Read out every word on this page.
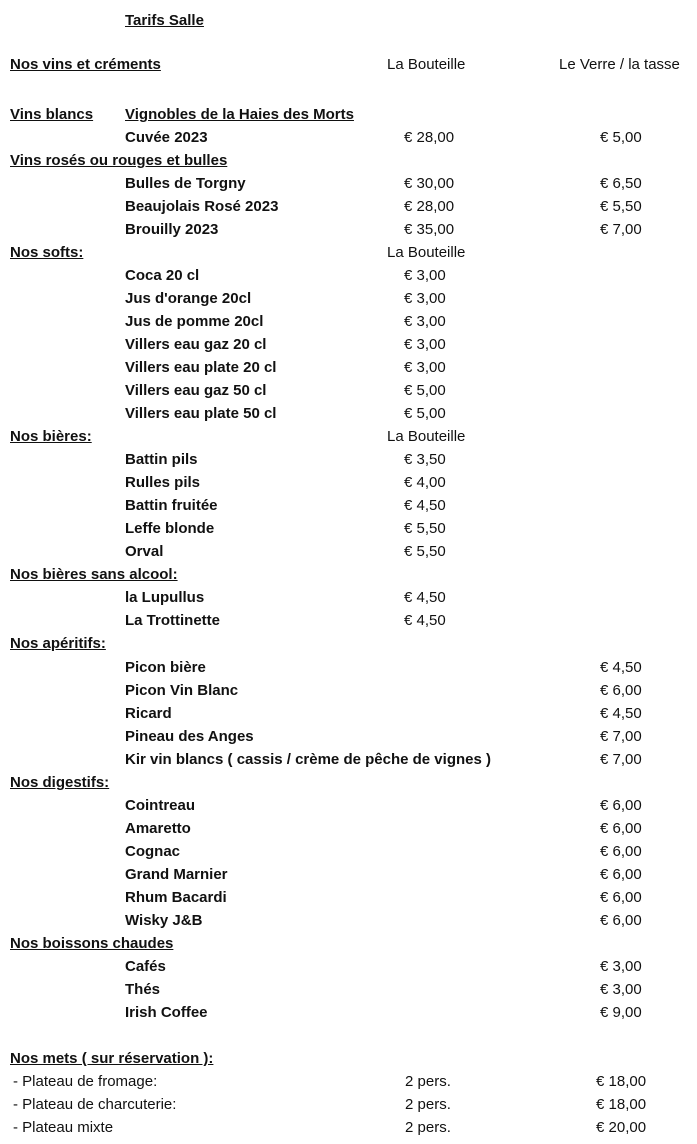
Tarifs Salle
Nos vins et créments	La Bouteille	Le Verre / la tasse
Vins blancs Vignobles de la Haies des Morts
Cuvée 2023	€ 28,00	€ 5,00
Vins rosés ou rouges et bulles
Bulles de Torgny	€ 30,00	€ 6,50
Beaujolais Rosé 2023	€ 28,00	€ 5,50
Brouilly 2023	€ 35,00	€ 7,00
Nos softs:	La Bouteille
Coca 20 cl	€ 3,00
Jus d'orange 20cl	€ 3,00
Jus de pomme 20cl	€ 3,00
Villers eau gaz 20 cl	€ 3,00
Villers eau plate 20 cl	€ 3,00
Villers eau gaz 50 cl	€ 5,00
Villers eau plate 50 cl	€ 5,00
Nos bières:	La Bouteille
Battin pils	€ 3,50
Rulles pils	€ 4,00
Battin fruitée	€ 4,50
Leffe blonde	€ 5,50
Orval	€ 5,50
Nos bières sans alcool:
la Lupullus	€ 4,50
La Trottinette	€ 4,50
Nos apéritifs:
Picon bière	€ 4,50
Picon Vin Blanc	€ 6,00
Ricard	€ 4,50
Pineau des Anges	€ 7,00
Kir vin blancs ( cassis / crème de pêche de vignes )	€ 7,00
Nos digestifs:
Cointreau	€ 6,00
Amaretto	€ 6,00
Cognac	€ 6,00
Grand Marnier	€ 6,00
Rhum Bacardi	€ 6,00
Wisky J&B	€ 6,00
Nos boissons chaudes
Cafés	€ 3,00
Thés	€ 3,00
Irish Coffee	€ 9,00
Nos mets ( sur réservation ):
- Plateau de fromage:	2 pers.	€ 18,00
- Plateau de charcuterie:	2 pers.	€ 18,00
- Plateau mixte	2 pers.	€ 20,00
